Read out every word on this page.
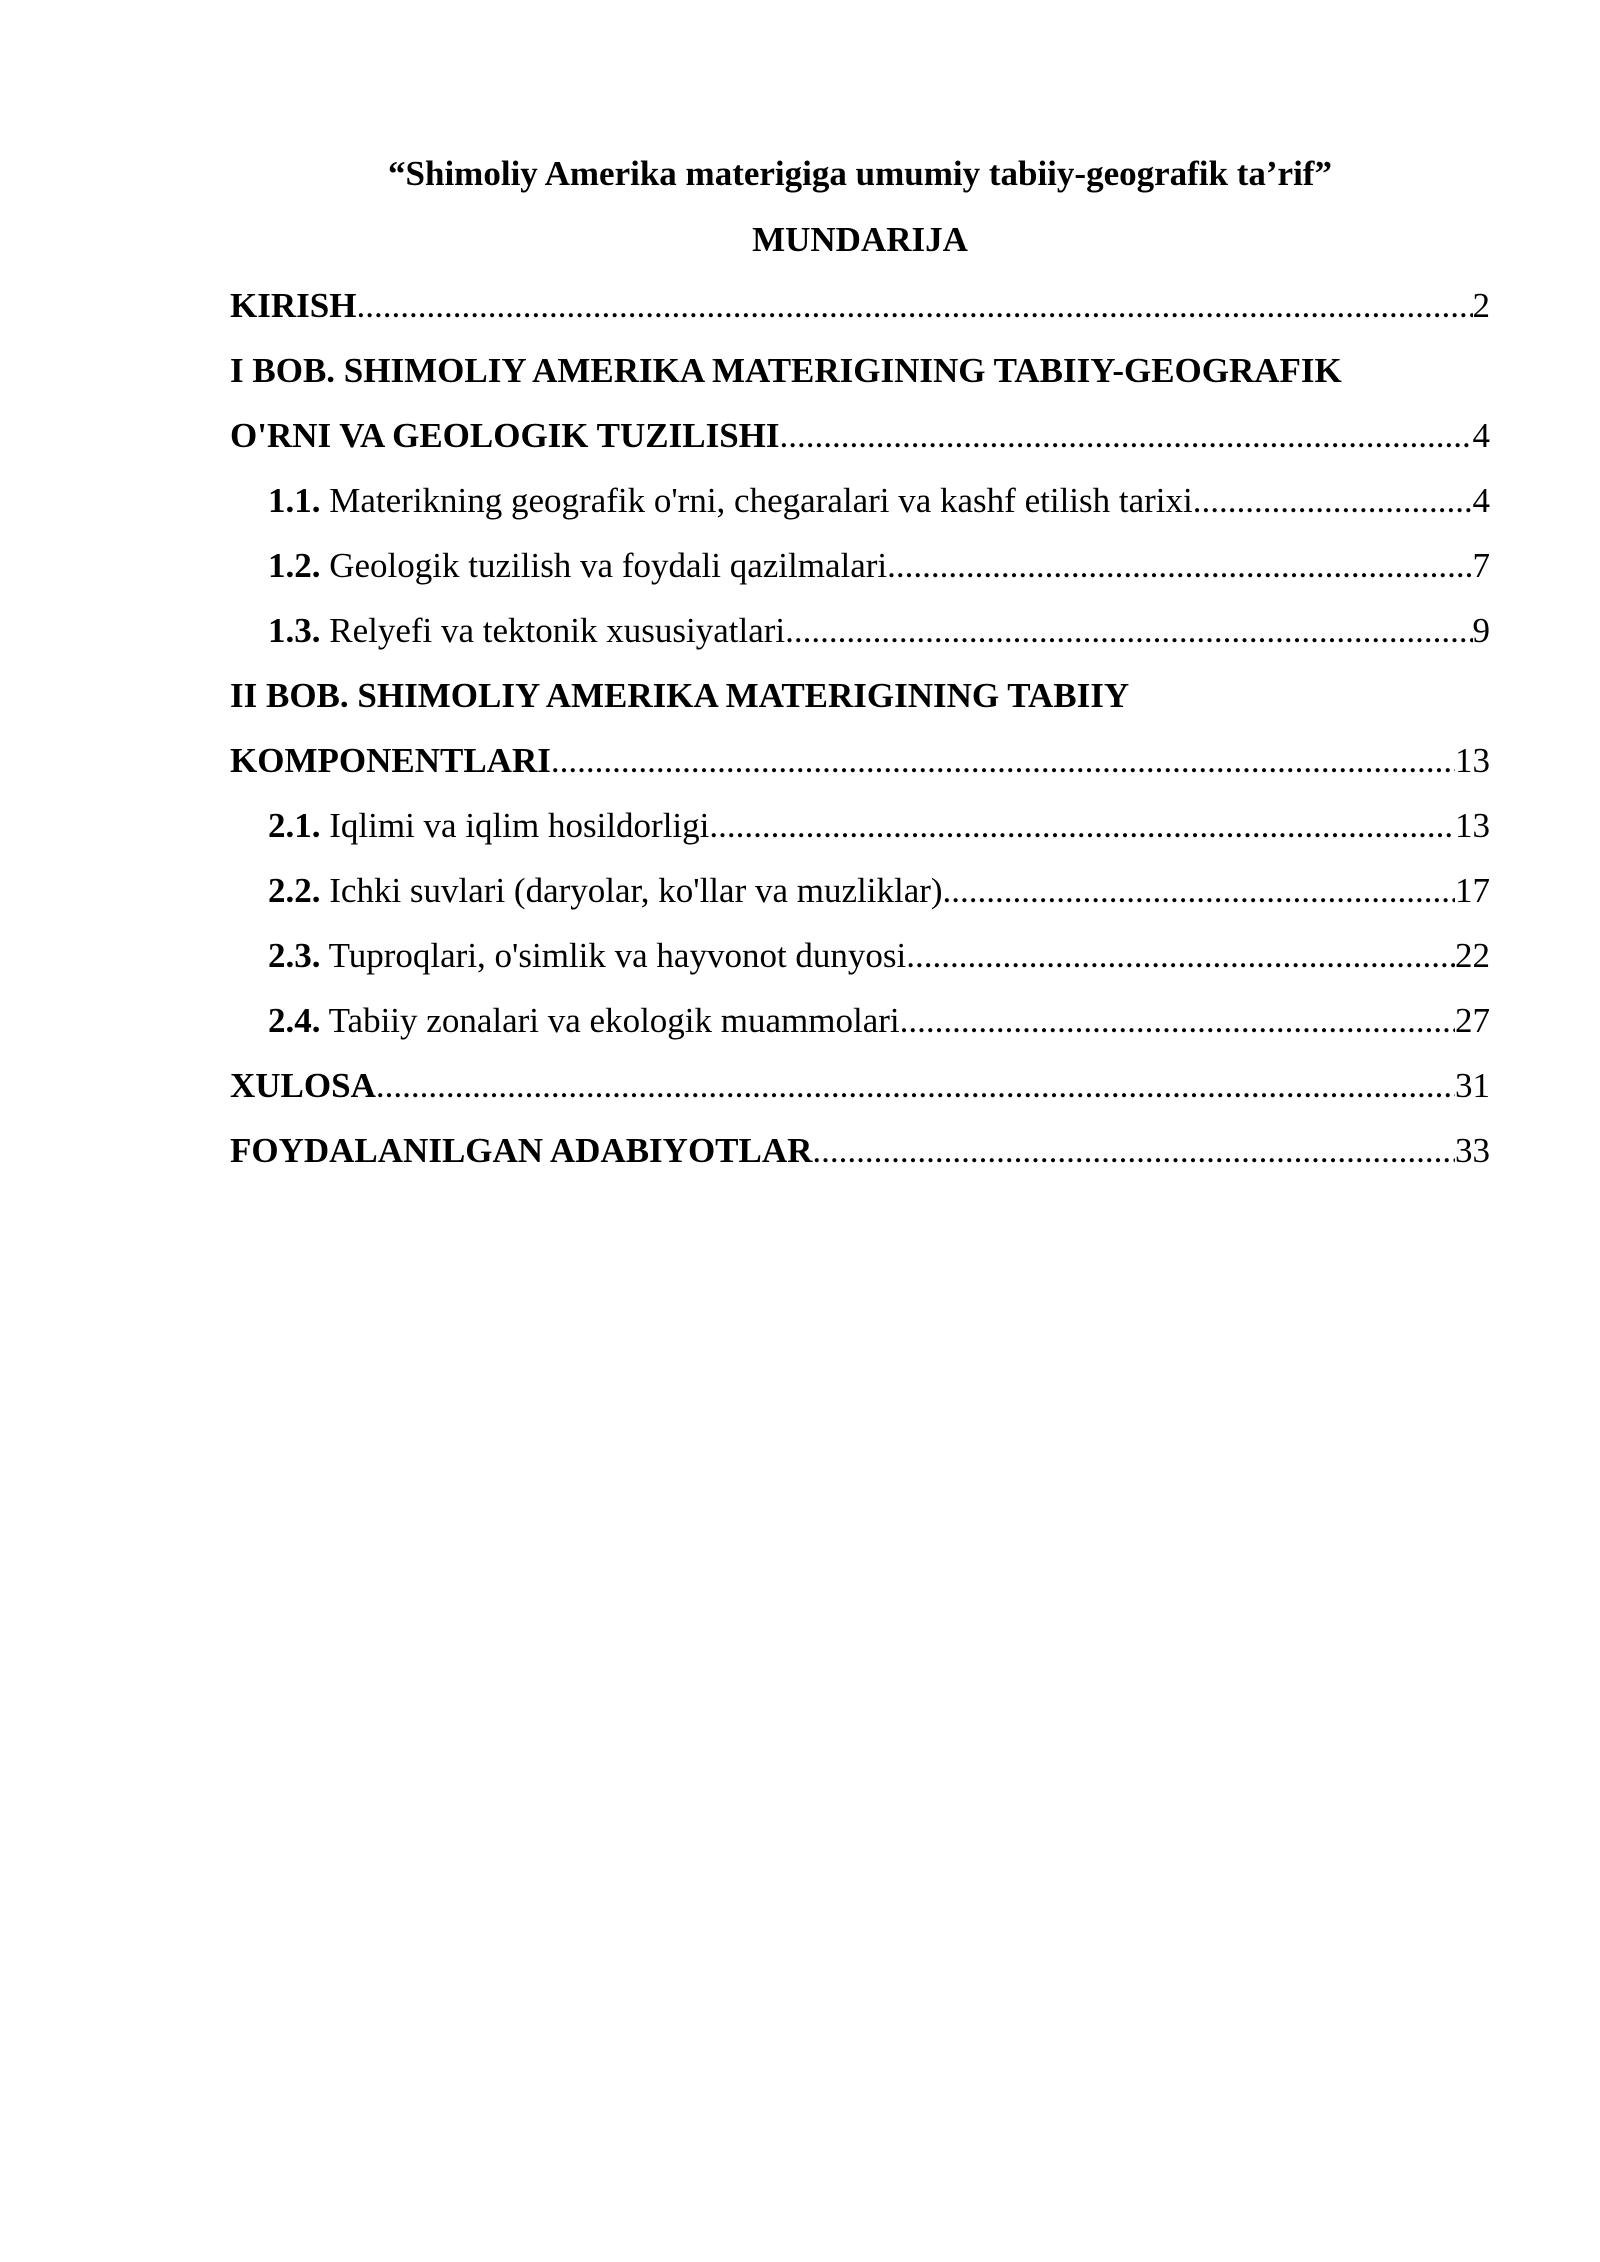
“Shimoliy Amerika materigiga umumiy tabiiy-geografik ta’rif”
MUNDARIJA
KIRISH .....	2
I BOB. SHIMOLIY AMERIKA MATERIGINING TABIIY-GEOGRAFIK
O'RNI VA GEOLOGIK TUZILISHI .....	4
1.1. Materikning geografik o'rni, chegaralari va kashf etilish tarixi .....	4
1.2. Geologik tuzilish va foydali qazilmalari .....	7
1.3. Relyefi va tektonik xususiyatlari .....	9
II BOB. SHIMOLIY AMERIKA MATERIGINING TABIIY
KOMPONENTLARI .....	13
2.1. Iqlimi va iqlim hosildorligi .....	13
2.2. Ichki suvlari (daryolar, ko'llar va muzliklar) .....	17
2.3. Tuproqlari, o'simlik va hayvonot dunyosi .....	22
2.4. Tabiiy zonalari va ekologik muammolari .....	27
XULOSA .....	31
FOYDALANILGAN ADABIYOTLAR .....	33
